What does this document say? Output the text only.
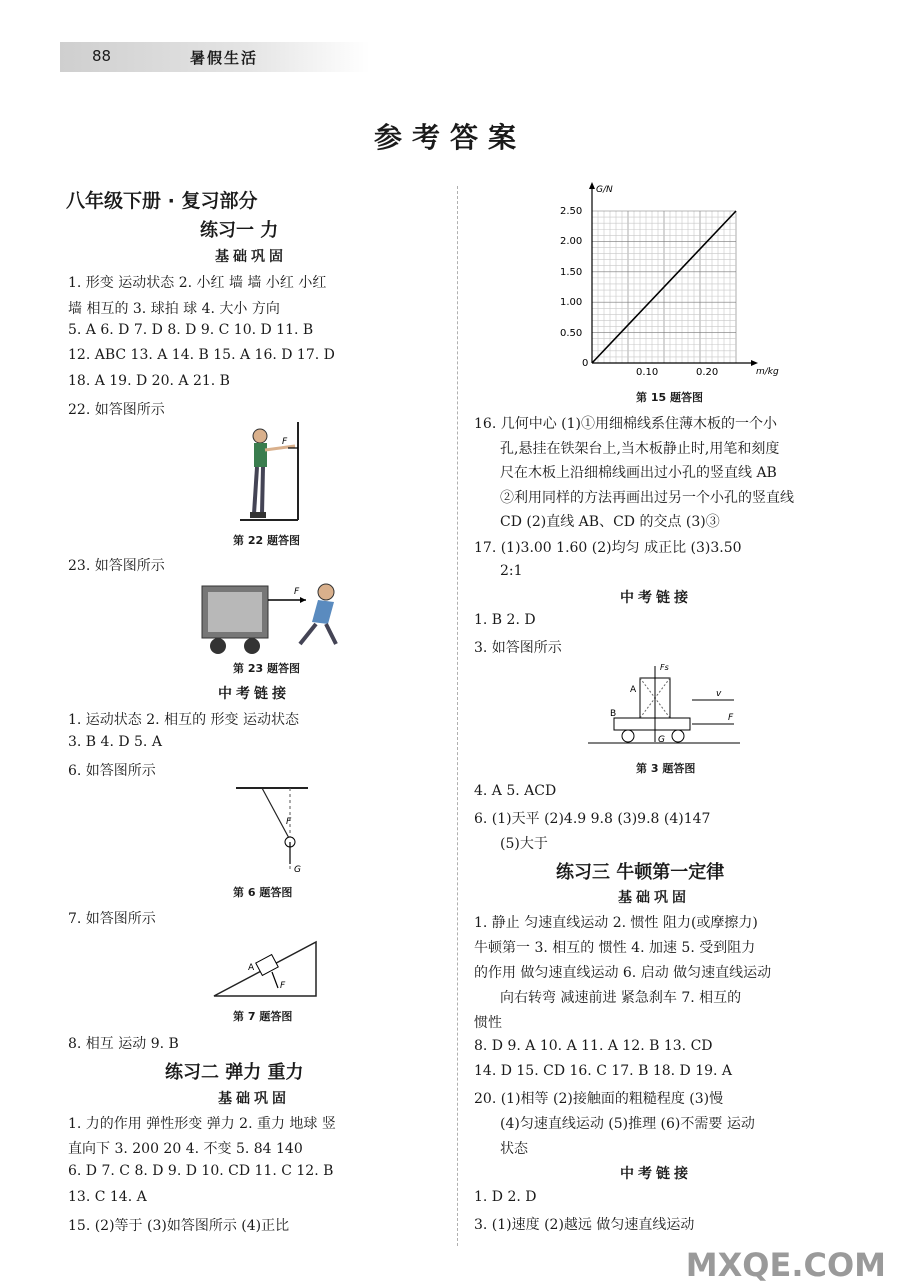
88	暑假生活
参考答案
八年级下册 · 复习部分
练习一 力
基础巩固
1. 形变 运动状态 2. 小红 墙 墙 小红 小红
墙 相互的 3. 球拍 球 4. 大小 方向
5. A 6. D 7. D 8. D 9. C 10. D 11. B
12. ABC 13. A 14. B 15. A 16. D 17. D
18. A 19. D 20. A 21. B
22. 如答图所示
F
第 22 题答图
23. 如答图所示
F
第 23 题答图
中考链接
1. 运动状态 2. 相互的 形变 运动状态
3. B 4. D 5. A
6. 如答图所示
F
G
第 6 题答图
7. 如答图所示
A
F
第 7 题答图
8. 相互 运动 9. B
练习二 弹力 重力
基础巩固
1. 力的作用 弹性形变 弹力 2. 重力 地球 竖
直向下 3. 200 20 4. 不变 5. 84 140
6. D 7. C 8. D 9. D 10. CD 11. C 12. B
13. C 14. A
15. (2)等于 (3)如答图所示 (4)正比
G/N
m/kg
2.50
2.00
1.50
1.00
0.50
0
0.10	0.20
第 15 题答图
16. 几何中心 (1)①用细棉线系住薄木板的一个小
孔,悬挂在铁架台上,当木板静止时,用笔和刻度
尺在木板上沿细棉线画出过小孔的竖直线 AB
②利用同样的方法再画出过另一个小孔的竖直线
CD (2)直线 AB、CD 的交点 (3)③
17. (1)3.00 1.60 (2)均匀 成正比 (3)3.50
2:1
中考链接
1. B 2. D
3. 如答图所示
Fs
A
B
v
F
G
第 3 题答图
4. A 5. ACD
6. (1)天平 (2)4.9 9.8 (3)9.8 (4)147
(5)大于
练习三 牛顿第一定律
基础巩固
1. 静止 匀速直线运动 2. 惯性 阻力(或摩擦力)
牛顿第一 3. 相互的 惯性 4. 加速 5. 受到阻力
的作用 做匀速直线运动 6. 启动 做匀速直线运动
向右转弯 减速前进 紧急刹车 7. 相互的
惯性
8. D 9. A 10. A 11. A 12. B 13. CD
14. D 15. CD 16. C 17. B 18. D 19. A
20. (1)相等 (2)接触面的粗糙程度 (3)慢
(4)匀速直线运动 (5)推理 (6)不需要 运动
状态
中考链接
1. D 2. D
3. (1)速度 (2)越远 做匀速直线运动
MXQE.COM
